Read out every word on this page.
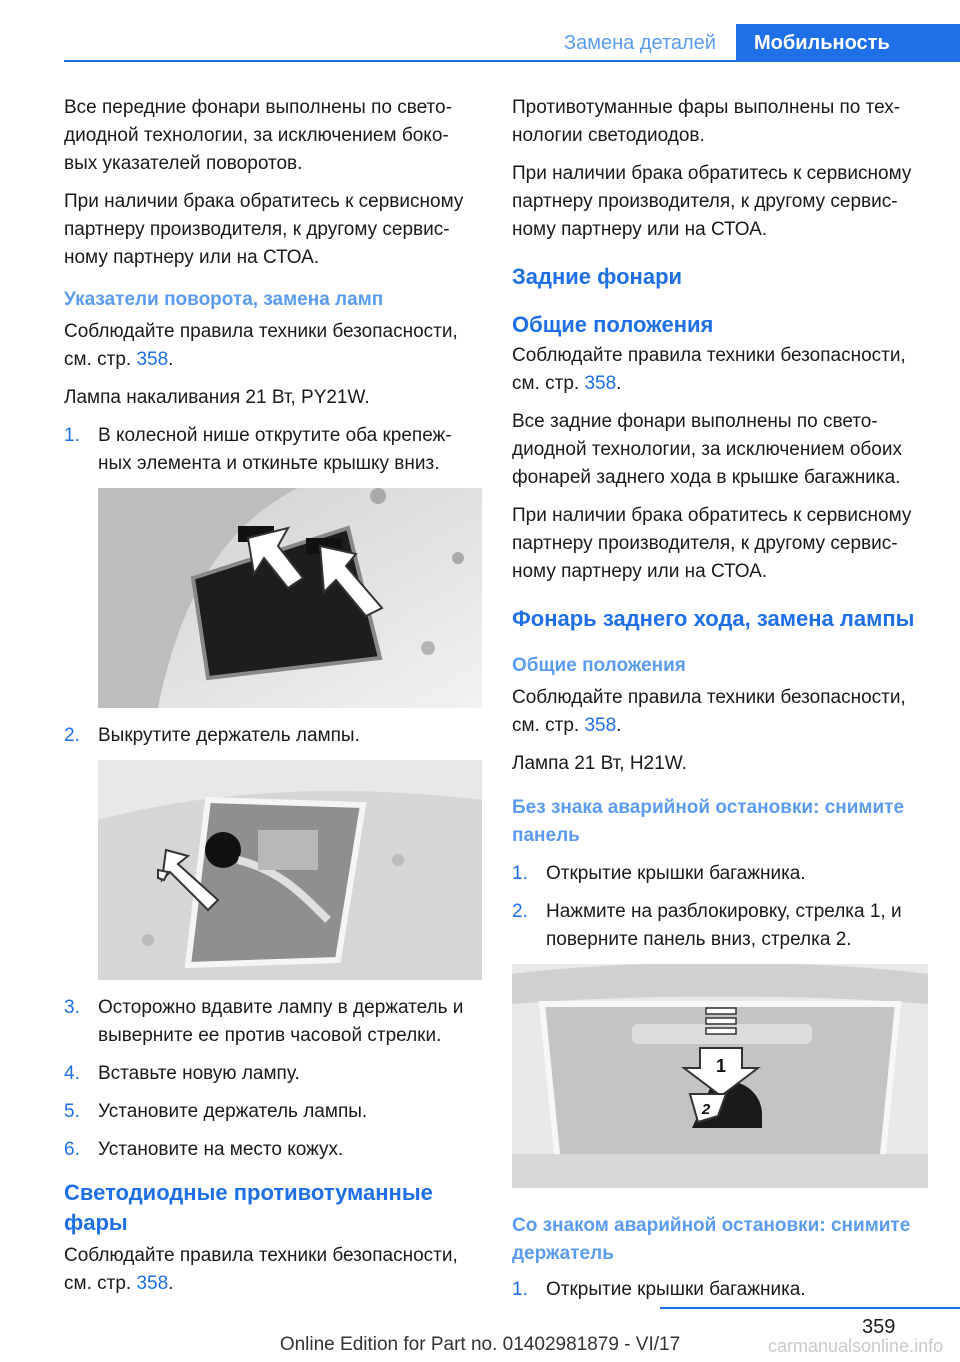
Замена деталей	Мобильность

Все передние фонари выполнены по свето‐ диодной технологии, за исключением боко‐ вых указателей поворотов.

При наличии брака обратитесь к сервисному партнеру производителя, к другому сервис‐ ному партнеру или на СТОА.

Указатели поворота, замена ламп

Соблюдайте правила техники безопасности, см. стр. 358.

Лампа накаливания 21 Вт, PY21W.

1. В колесной нише открутите оба крепеж‐ ных элемента и откиньте крышку вниз.
2. Выкрутите держатель лампы.
3. Осторожно вдавите лампу в держатель и выверните ее против часовой стрелки.
4. Вставьте новую лампу.
5. Установите держатель лампы.
6. Установите на место кожух.
Светодиодные противотуманные фары

Соблюдайте правила техники безопасности, см. стр. 358.

Противотуманные фары выполнены по тех‐ нологии светодиодов.

При наличии брака обратитесь к сервисному партнеру производителя, к другому сервис‐ ному партнеру или на СТОА.

Задние фонари
Общие положения

Соблюдайте правила техники безопасности, см. стр. 358.

Все задние фонари выполнены по свето‐ диодной технологии, за исключением обоих фонарей заднего хода в крышке багажника.

При наличии брака обратитесь к сервисному партнеру производителя, к другому сервис‐ ному партнеру или на СТОА.

Фонарь заднего хода, замена лампы
Общие положения

Соблюдайте правила техники безопасности, см. стр. 358.

Лампа 21 Вт, H21W.

Без знака аварийной остановки: снимите панель
1. Открытие крышки багажника.
2. Нажмите на разблокировку, стрелка 1, и поверните панель вниз, стрелка 2.
1
2
Со знаком аварийной остановки: снимите держатель
1. Открытие крышки багажника.
359
Online Edition for Part no. 01402981879 - VI/17	carmanualsonline.info
